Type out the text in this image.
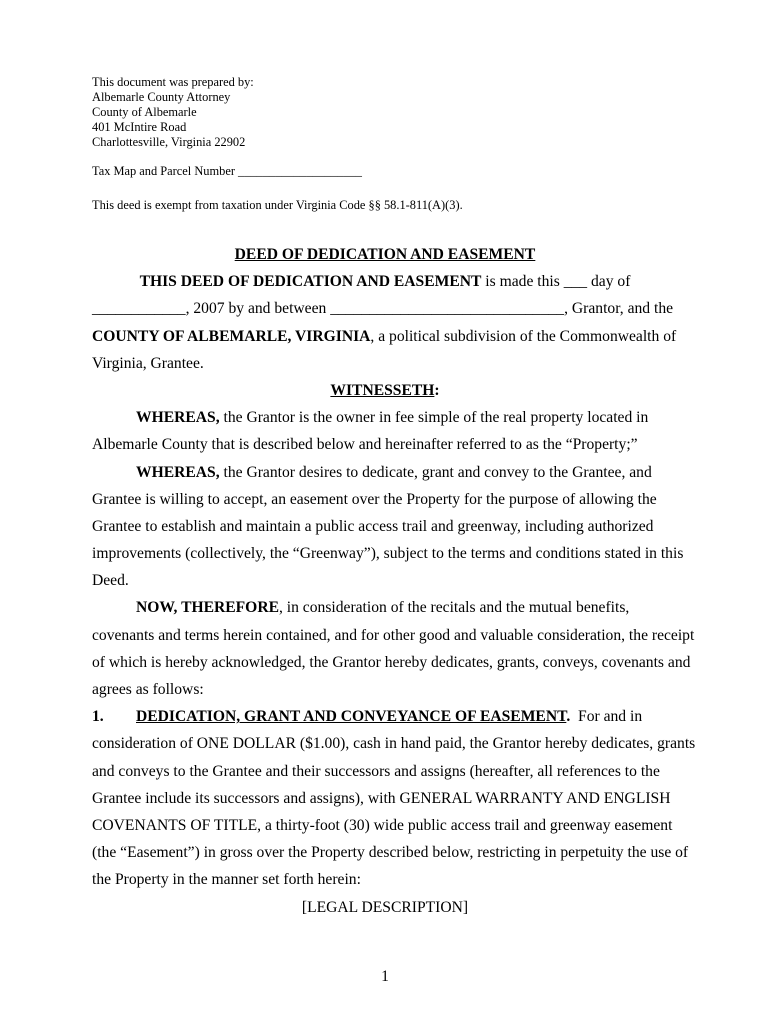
This document was prepared by:
Albemarle County Attorney
County of Albemarle
401 McIntire Road
Charlottesville, Virginia 22902
Tax Map and Parcel Number ____________________
This deed is exempt from taxation under Virginia Code §§ 58.1-811(A)(3).
DEED OF DEDICATION AND EASEMENT
THIS DEED OF DEDICATION AND EASEMENT is made this ___ day of
____________, 2007 by and between ______________________________, Grantor, and the
COUNTY OF ALBEMARLE, VIRGINIA, a political subdivision of the Commonwealth of
Virginia, Grantee.
WITNESSETH:
WHEREAS, the Grantor is the owner in fee simple of the real property located in
Albemarle County that is described below and hereinafter referred to as the “Property;”
WHEREAS, the Grantor desires to dedicate, grant and convey to the Grantee, and
Grantee is willing to accept, an easement over the Property for the purpose of allowing the
Grantee to establish and maintain a public access trail and greenway, including authorized
improvements (collectively, the “Greenway”), subject to the terms and conditions stated in this
Deed.
NOW, THEREFORE, in consideration of the recitals and the mutual benefits,
covenants and terms herein contained, and for other good and valuable consideration, the receipt
of which is hereby acknowledged, the Grantor hereby dedicates, grants, conveys, covenants and
agrees as follows:
1. DEDICATION, GRANT AND CONVEYANCE OF EASEMENT.  For and in
consideration of ONE DOLLAR ($1.00), cash in hand paid, the Grantor hereby dedicates, grants
and conveys to the Grantee and their successors and assigns (hereafter, all references to the
Grantee include its successors and assigns), with GENERAL WARRANTY AND ENGLISH
COVENANTS OF TITLE, a thirty-foot (30) wide public access trail and greenway easement
(the “Easement”) in gross over the Property described below, restricting in perpetuity the use of
the Property in the manner set forth herein:
[LEGAL DESCRIPTION]
1
